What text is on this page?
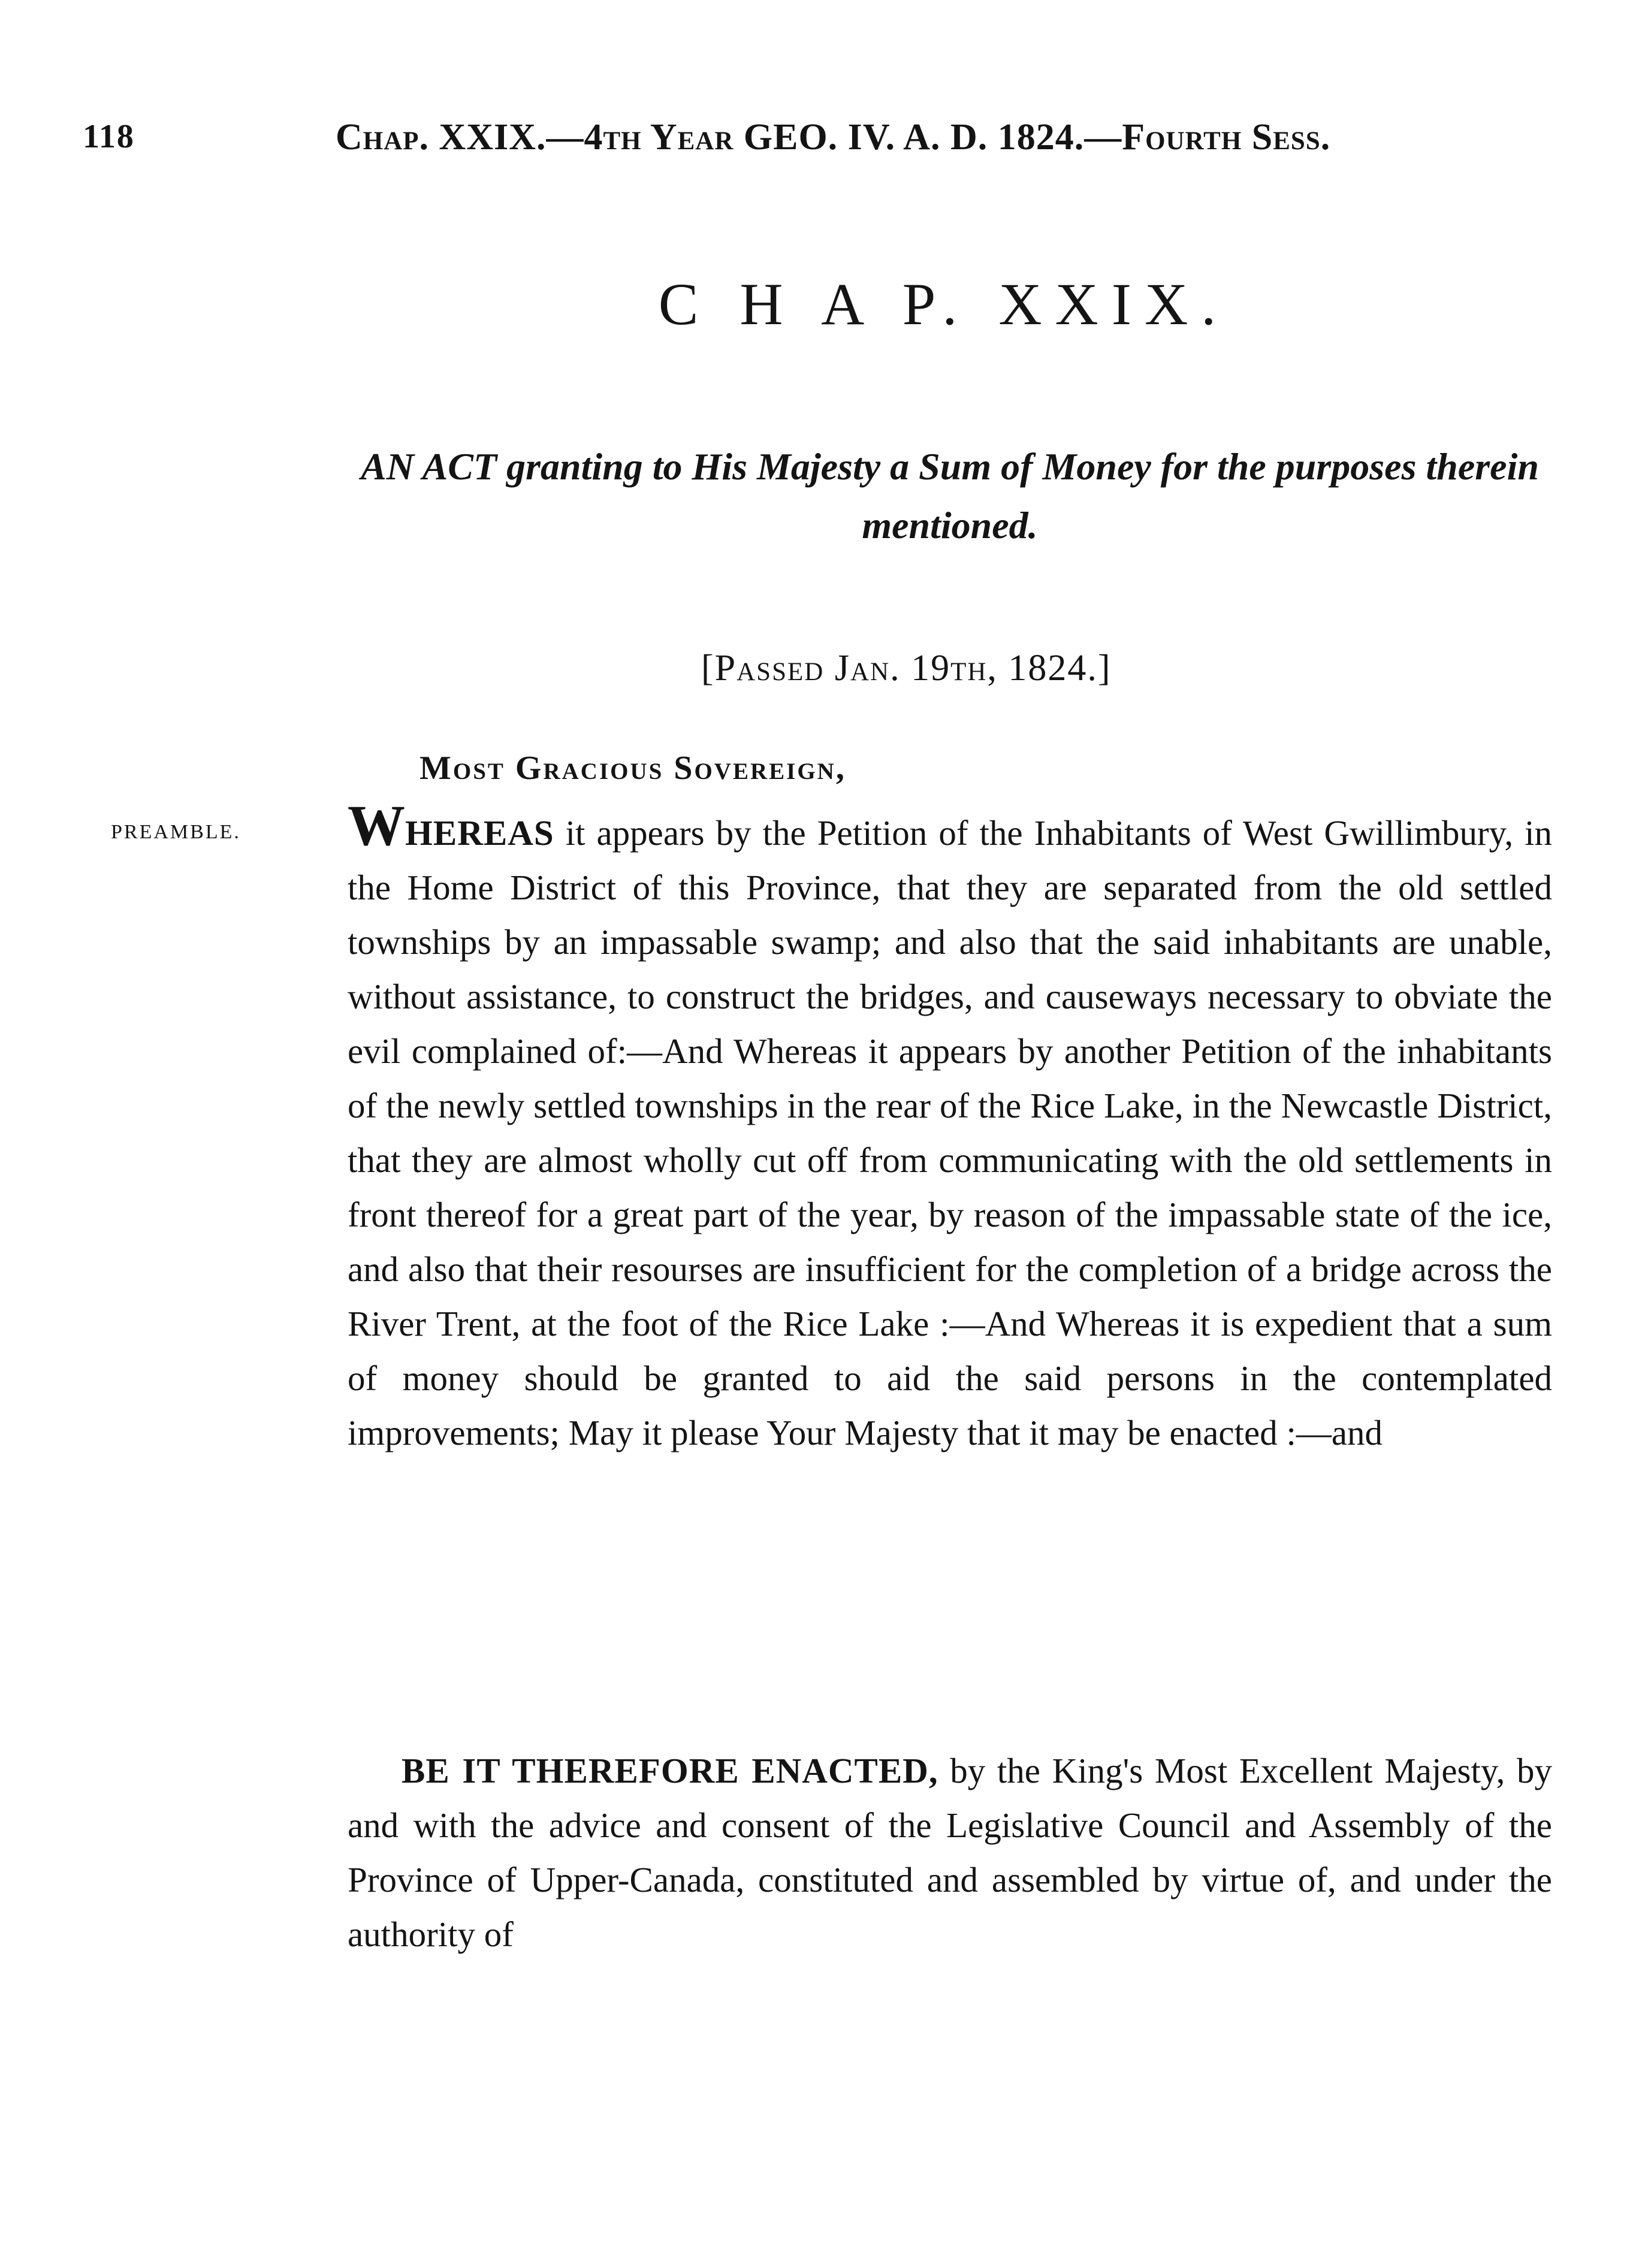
118	Chap. XXIX.—4th Year GEO. IV. A. D. 1824.—Fourth Sess.
C H A P. XXIX.
AN ACT granting to His Majesty a Sum of Money for the purposes therein mentioned.
[Passed Jan. 19th, 1824.]
Most Gracious Sovereign,
PREAMBLE. WHEREAS it appears by the Petition of the Inhabitants of West Gwillimbury, in the Home District of this Province, that they are separated from the old settled townships by an impassable swamp; and also that the said inhabitants are unable, without assistance, to construct the bridges, and causeways necessary to obviate the evil complained of:—And Whereas it appears by another Petition of the inhabitants of the newly settled townships in the rear of the Rice Lake, in the Newcastle District, that they are almost wholly cut off from communicating with the old settlements in front thereof for a great part of the year, by reason of the impassable state of the ice, and also that their resourses are insufficient for the completion of a bridge across the River Trent, at the foot of the Rice Lake :—And Whereas it is expedient that a sum of money should be granted to aid the said persons in the contemplated improvements; May it please Your Majesty that it may be enacted :—and

BE IT THEREFORE ENACTED, by the King's Most Excellent Majesty, by and with the advice and consent of the Legislative Council and Assembly of the Province of Upper-Canada, constituted and assembled by virtue of, and under the authority of
